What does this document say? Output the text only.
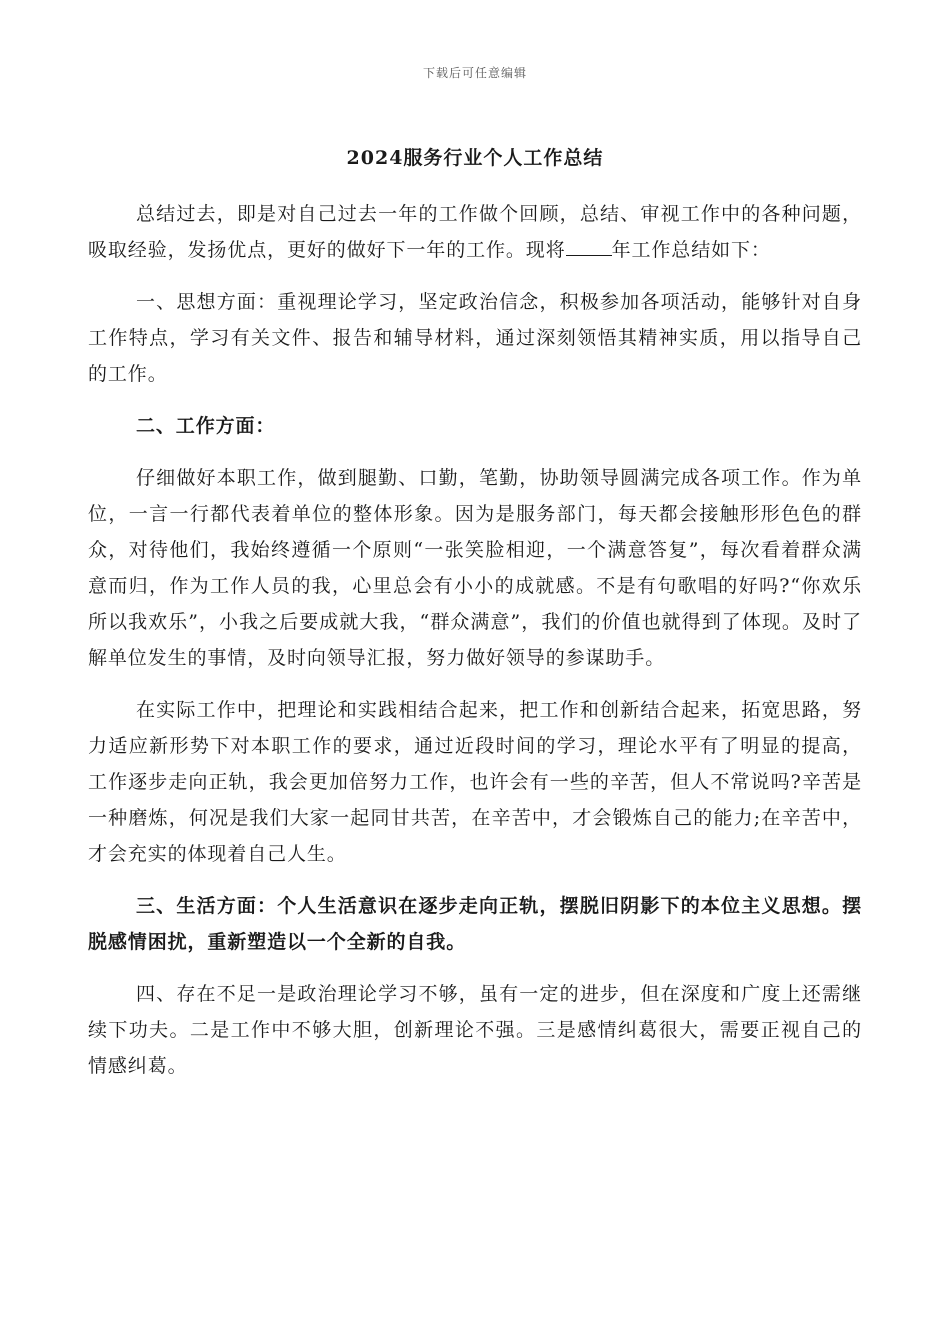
下载后可任意编辑
2024服务行业个人工作总结

总结过去，即是对自己过去一年的工作做个回顾，总结、审视工作中的各种问题，吸取经验，发扬优点，更好的做好下一年的工作。现将 年工作总结如下：

一、思想方面：重视理论学习，坚定政治信念，积极参加各项活动，能够针对自身工作特点，学习有关文件、报告和辅导材料，通过深刻领悟其精神实质，用以指导自己的工作。

二、工作方面：

仔细做好本职工作，做到腿勤、口勤，笔勤，协助领导圆满完成各项工作。作为单位，一言一行都代表着单位的整体形象。因为是服务部门，每天都会接触形形色色的群众，对待他们，我始终遵循一个原则“一张笑脸相迎，一个满意答复”，每次看着群众满意而归，作为工作人员的我，心里总会有小小的成就感。不是有句歌唱的好吗?“你欢乐所以我欢乐”，小我之后要成就大我，“群众满意”，我们的价值也就得到了体现。及时了解单位发生的事情，及时向领导汇报，努力做好领导的参谋助手。

在实际工作中，把理论和实践相结合起来，把工作和创新结合起来，拓宽思路，努力适应新形势下对本职工作的要求，通过近段时间的学习，理论水平有了明显的提高，工作逐步走向正轨，我会更加倍努力工作，也许会有一些的辛苦，但人不常说吗?辛苦是一种磨炼，何况是我们大家一起同甘共苦，在辛苦中，才会锻炼自己的能力;在辛苦中，才会充实的体现着自己人生。

三、生活方面：个人生活意识在逐步走向正轨，摆脱旧阴影下的本位主义思想。摆脱感情困扰，重新塑造以一个全新的自我。

四、存在不足一是政治理论学习不够，虽有一定的进步，但在深度和广度上还需继续下功夫。二是工作中不够大胆，创新理论不强。三是感情纠葛很大，需要正视自己的情感纠葛。
